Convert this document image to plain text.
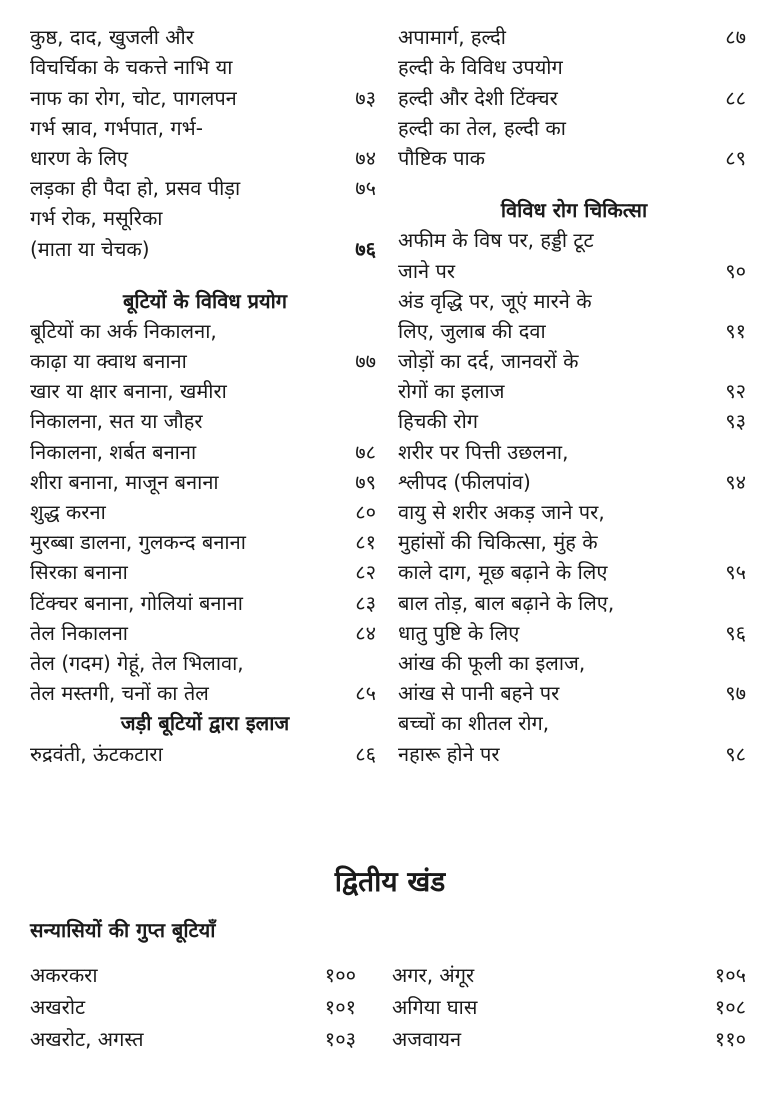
कुष्ठ, दाद, खुजली और
विचर्चिका के चकत्ते नाभि या
नाफ का रोग, चोट, पागलपन	७३
गर्भ स्राव, गर्भपात, गर्भ-
धारण के लिए	७४
लड़का ही पैदा हो, प्रसव पीड़ा	७५
गर्भ रोक, मसूरिका
(माता या चेचक)	७६
बूटियों के विविध प्रयोग
बूटियों का अर्क निकालना,
काढ़ा या क्वाथ बनाना	७७
खार या क्षार बनाना, खमीरा
निकालना, सत या जौहर
निकालना, शर्बत बनाना	७८
शीरा बनाना, माजून बनाना	७९
शुद्ध करना	८०
मुरब्बा डालना, गुलकन्द बनाना	८१
सिरका बनाना	८२
टिंक्चर बनाना, गोलियां बनाना	८३
तेल निकालना	८४
तेल (गदम) गेहूं, तेल भिलावा,
तेल मस्तगी, चनों का तेल	८५
जड़ी बूटियों द्वारा इलाज
रुद्रवंती, ऊंटकटारा	८६
अपामार्ग, हल्दी	८७
हल्दी के विविध उपयोग
हल्दी और देशी टिंक्चर	८८
हल्दी का तेल, हल्दी का
पौष्टिक पाक	८९
विविध रोग चिकित्सा
अफीम के विष पर, हड्डी टूट
जाने पर	९०
अंड वृद्धि पर, जूएं मारने के
लिए, जुलाब की दवा	९१
जोड़ों का दर्द, जानवरों के
रोगों का इलाज	९२
हिचकी रोग	९३
शरीर पर पित्ती उछलना,
श्लीपद (फीलपांव)	९४
वायु से शरीर अकड़ जाने पर,
मुहांसों की चिकित्सा, मुंह के
काले दाग, मूछ बढ़ाने के लिए	९५
बाल तोड़, बाल बढ़ाने के लिए,
धातु पुष्टि के लिए	९६
आंख की फूली का इलाज,
आंख से पानी बहने पर	९७
बच्चों का शीतल रोग,
नहारू होने पर	९८
द्वितीय खंड
सन्यासियों की गुप्त बूटियाँ
अकरकरा	१००
अखरोट	१०१
अखरोट, अगस्त	१०३
अगर, अंगूर	१०५
अगिया घास	१०८
अजवायन	११०
